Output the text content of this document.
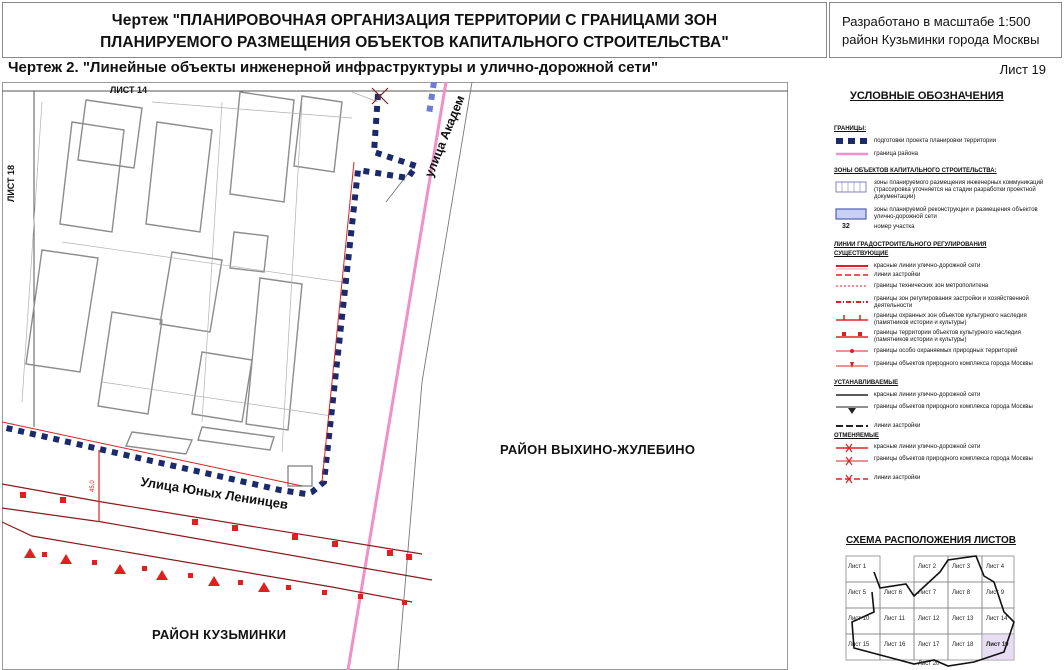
Чертеж "ПЛАНИРОВОЧНАЯ ОРГАНИЗАЦИЯ ТЕРРИТОРИИ С ГРАНИЦАМИ ЗОН
ПЛАНИРУЕМОГО РАЗМЕЩЕНИЯ ОБЪЕКТОВ КАПИТАЛЬНОГО СТРОИТЕЛЬСТВА"
Разработано в масштабе 1:500
район Кузьминки города Москвы
Чертеж 2. "Линейные объекты инженерной инфраструктуры и улично-дорожной сети"	Лист 19
45,0
ЛИСТ 14
ЛИСТ 18
улица Академ
Улица Юных Ленинцев
РАЙОН ВЫХИНО-ЖУЛЕБИНО
РАЙОН КУЗЬМИНКИ
УСЛОВНЫЕ ОБОЗНАЧЕНИЯ
ГРАНИЦЫ:
подготовки проекта планировки территории
граница района
ЗОНЫ ОБЪЕКТОВ КАПИТАЛЬНОГО СТРОИТЕЛЬСТВА:
зоны планируемого размещения инженерных коммуникаций (трассировка уточняется на стадии разработки проектной документации)
зоны планируемой реконструкции и размещения объектов улично-дорожной сети
32	номер участка
ЛИНИИ ГРАДОСТРОИТЕЛЬНОГО РЕГУЛИРОВАНИЯ
СУЩЕСТВУЮЩИЕ
красные линии улично-дорожной сети
линии застройки
границы технических зон метрополитена
границы зон регулирования застройки и хозяйственной деятельности
границы охранных зон объектов культурного наследия (памятников истории и культуры)
границы территории объектов культурного наследия (памятников истории и культуры)
границы особо охраняемых природных территорий
границы объектов природного комплекса города Москвы
УСТАНАВЛИВАЕМЫЕ
красные линии улично-дорожной сети
границы объектов природного комплекса города Москвы
линии застройки
ОТМЕНЯЕМЫЕ
красные линии улично-дорожной сети
границы объектов природного комплекса города Москвы
линии застройки
СХЕМА РАСПОЛОЖЕНИЯ ЛИСТОВ
Лист 1	Лист 2	Лист 3	Лист 4
Лист 5	Лист 6	Лист 7	Лист 8	Лист 9
Лист 10 Лист 11 Лист 12 Лист 13 Лист 14
Лист 15 Лист 16 Лист 17 Лист 18 Лист 19
Лист 20
